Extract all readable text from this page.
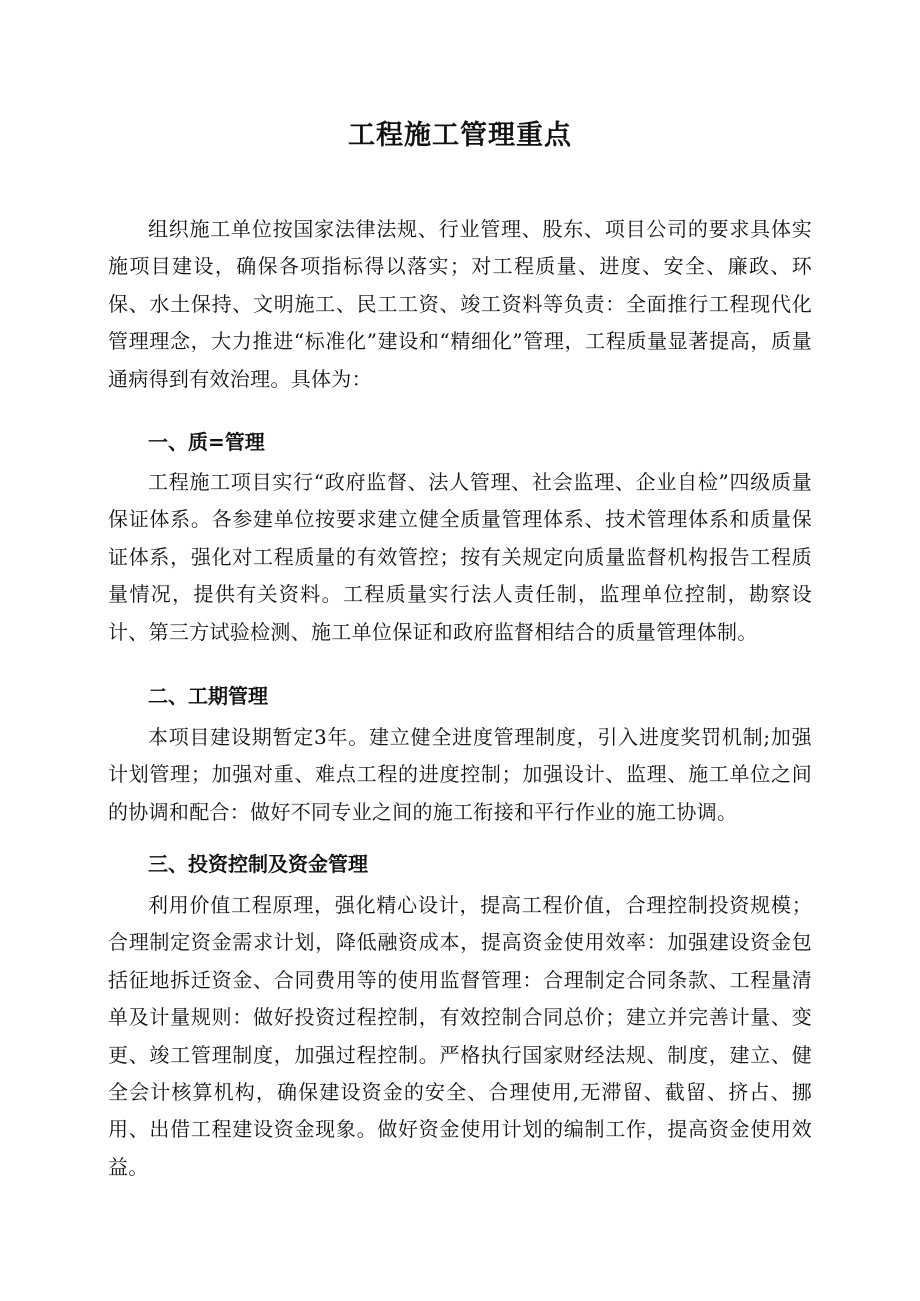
工程施工管理重点

组织施工单位按国家法律法规、行业管理、股东、项目公司的要求具体实施项目建设，确保各项指标得以落实；对工程质量、进度、安全、廉政、环保、水土保持、文明施工、民工工资、竣工资料等负责：全面推行工程现代化管理理念，大力推进“标准化”建设和“精细化”管理，工程质量显著提高，质量通病得到有效治理。具体为：

一、质=管理

工程施工项目实行“政府监督、法人管理、社会监理、企业自检”四级质量保证体系。各参建单位按要求建立健全质量管理体系、技术管理体系和质量保证体系，强化对工程质量的有效管控；按有关规定向质量监督机构报告工程质量情况，提供有关资料。工程质量实行法人责任制，监理单位控制，勘察设计、第三方试验检测、施工单位保证和政府监督相结合的质量管理体制。

二、工期管理

本项目建设期暂定3年。建立健全进度管理制度，引入进度奖罚机制;加强计划管理；加强对重、难点工程的进度控制；加强设计、监理、施工单位之间的协调和配合：做好不同专业之间的施工衔接和平行作业的施工协调。

三、投资控制及资金管理

利用价值工程原理，强化精心设计，提高工程价值，合理控制投资规模；合理制定资金需求计划，降低融资成本，提高资金使用效率：加强建设资金包括征地拆迁资金、合同费用等的使用监督管理：合理制定合同条款、工程量清单及计量规则：做好投资过程控制，有效控制合同总价；建立并完善计量、变更、竣工管理制度，加强过程控制。严格执行国家财经法规、制度，建立、健全会计核算机构，确保建设资金的安全、合理使用,无滞留、截留、挤占、挪用、出借工程建设资金现象。做好资金使用计划的编制工作，提高资金使用效益。
